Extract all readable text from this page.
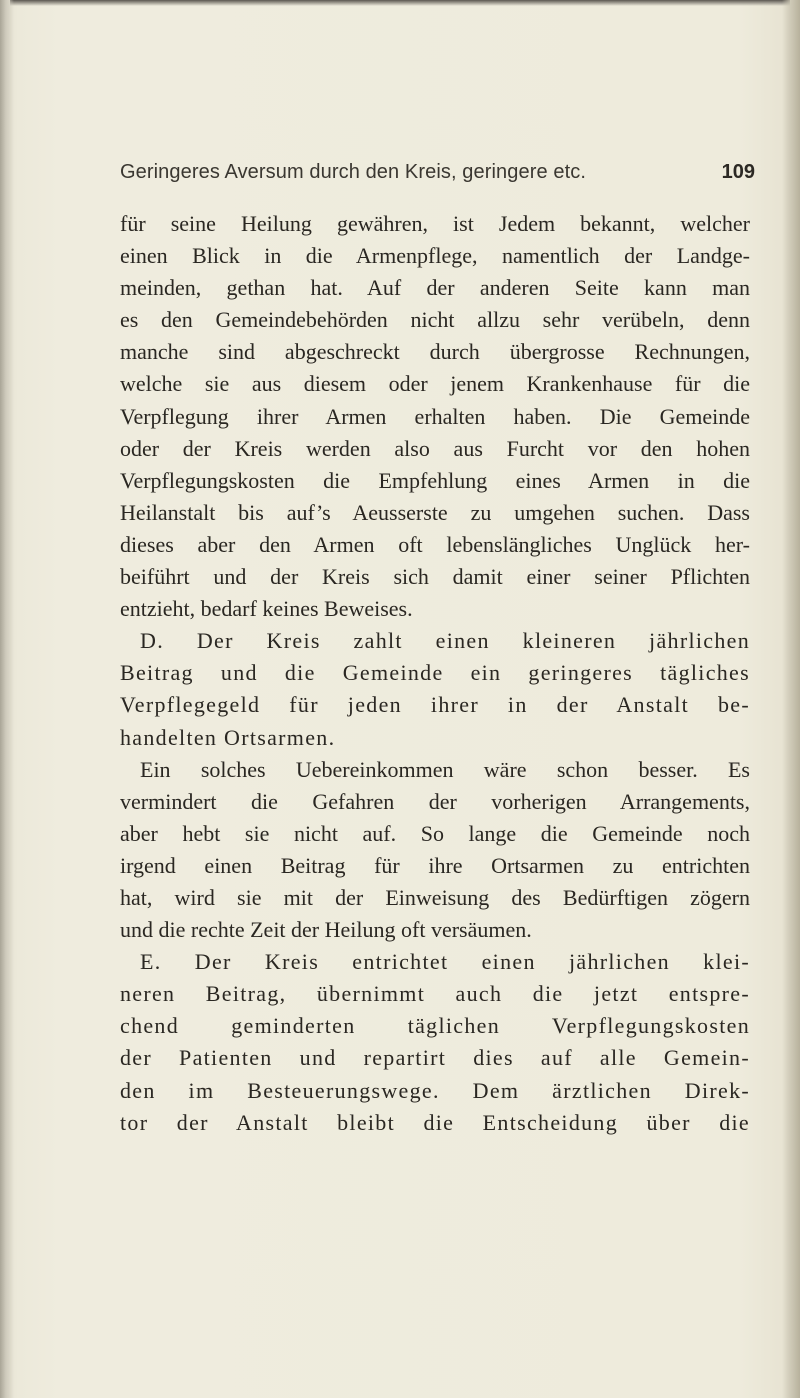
Geringeres Aversum durch den Kreis, geringere etc.	109
für seine Heilung gewähren, ist Jedem bekannt, welcher
einen Blick in die Armenpflege, namentlich der Landge-
meinden, gethan hat. Auf der anderen Seite kann man
es den Gemeindebehörden nicht allzu sehr verübeln, denn
manche sind abgeschreckt durch übergrosse Rechnungen,
welche sie aus diesem oder jenem Krankenhause für die
Verpflegung ihrer Armen erhalten haben. Die Gemeinde
oder der Kreis werden also aus Furcht vor den hohen
Verpflegungskosten die Empfehlung eines Armen in die
Heilanstalt bis auf’s Aeusserste zu umgehen suchen. Dass
dieses aber den Armen oft lebenslängliches Unglück her-
beiführt und der Kreis sich damit einer seiner Pflichten
entzieht, bedarf keines Beweises.
D. Der Kreis zahlt einen kleineren jährlichen
Beitrag und die Gemeinde ein geringeres tägliches
Verpflegegeld für jeden ihrer in der Anstalt be-
handelten Ortsarmen.
Ein solches Uebereinkommen wäre schon besser. Es
vermindert die Gefahren der vorherigen Arrangements,
aber hebt sie nicht auf. So lange die Gemeinde noch
irgend einen Beitrag für ihre Ortsarmen zu entrichten
hat, wird sie mit der Einweisung des Bedürftigen zögern
und die rechte Zeit der Heilung oft versäumen.
E. Der Kreis entrichtet einen jährlichen klei-
neren Beitrag, übernimmt auch die jetzt entspre-
chend geminderten täglichen Verpflegungskosten
der Patienten und repartirt dies auf alle Gemein-
den im Besteuerungswege. Dem ärztlichen Direk-
tor der Anstalt bleibt die Entscheidung über die
